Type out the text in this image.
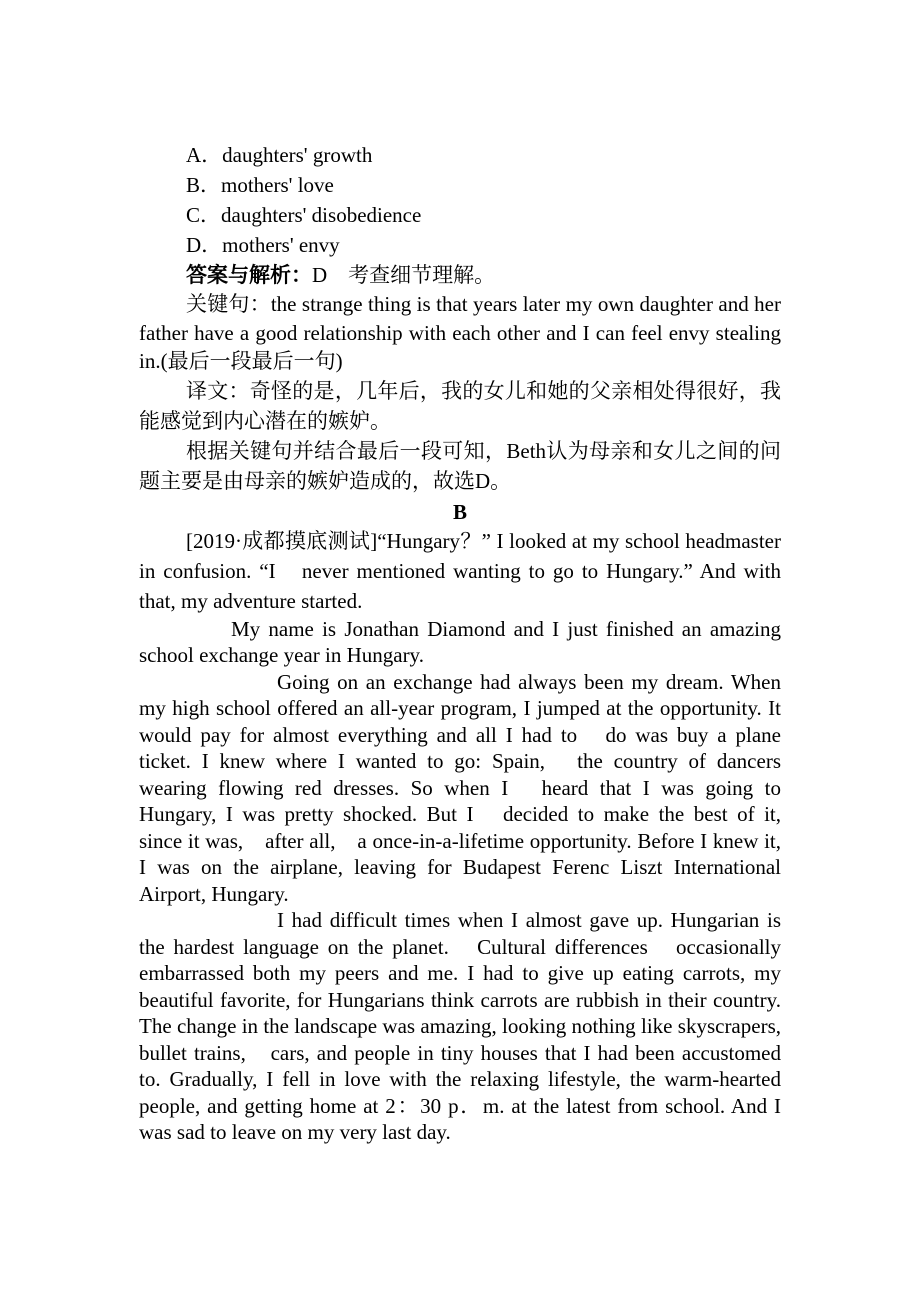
A．daughters' growth
B．mothers' love
C．daughters' disobedience
D．mothers' envy
答案与解析：D　考查细节理解。

关键句：the strange thing is that years later my own daughter and her father have a good relationship with each other and I can feel envy stealing in.(最后一段最后一句)

译文：奇怪的是，几年后，我的女儿和她的父亲相处得很好，我能感觉到内心潜在的嫉妒。

根据关键句并结合最后一段可知，Beth认为母亲和女儿之间的问题主要是由母亲的嫉妒造成的，故选D。

B

[2019·成都摸底测试]“Hungary？” I looked at my school headmaster in confusion. “I　never mentioned wanting to go to Hungary.” And with that, my adventure started.

My name is Jonathan Diamond and I just finished an amazing school exchange year in Hungary.

Going on an exchange had always been my dream. When my high school offered an all-year program, I jumped at the opportunity. It would pay for almost everything and all I had to　do was buy a plane ticket. I knew where I wanted to go: Spain,　the country of dancers wearing flowing red dresses. So when I　heard that I was going to Hungary, I was pretty shocked. But I　decided to make the best of it,　since it was,　after all,　a once-in-a-lifetime opportunity. Before I knew it, I was on the airplane, leaving for Budapest Ferenc Liszt International Airport, Hungary.

I had difficult times when I almost gave up. Hungarian is the hardest language on the planet.　Cultural differences　occasionally embarrassed both my peers and me. I had to give up eating carrots, my beautiful favorite, for Hungarians think carrots are rubbish in their country. The change in the landscape was amazing, looking nothing like skyscrapers, bullet trains,　cars, and people in tiny houses that I had been accustomed to. Gradually, I fell in love with the relaxing lifestyle, the warm-hearted people, and getting home at 2：30 p．m. at the latest from school. And I was sad to leave on my very last day.
